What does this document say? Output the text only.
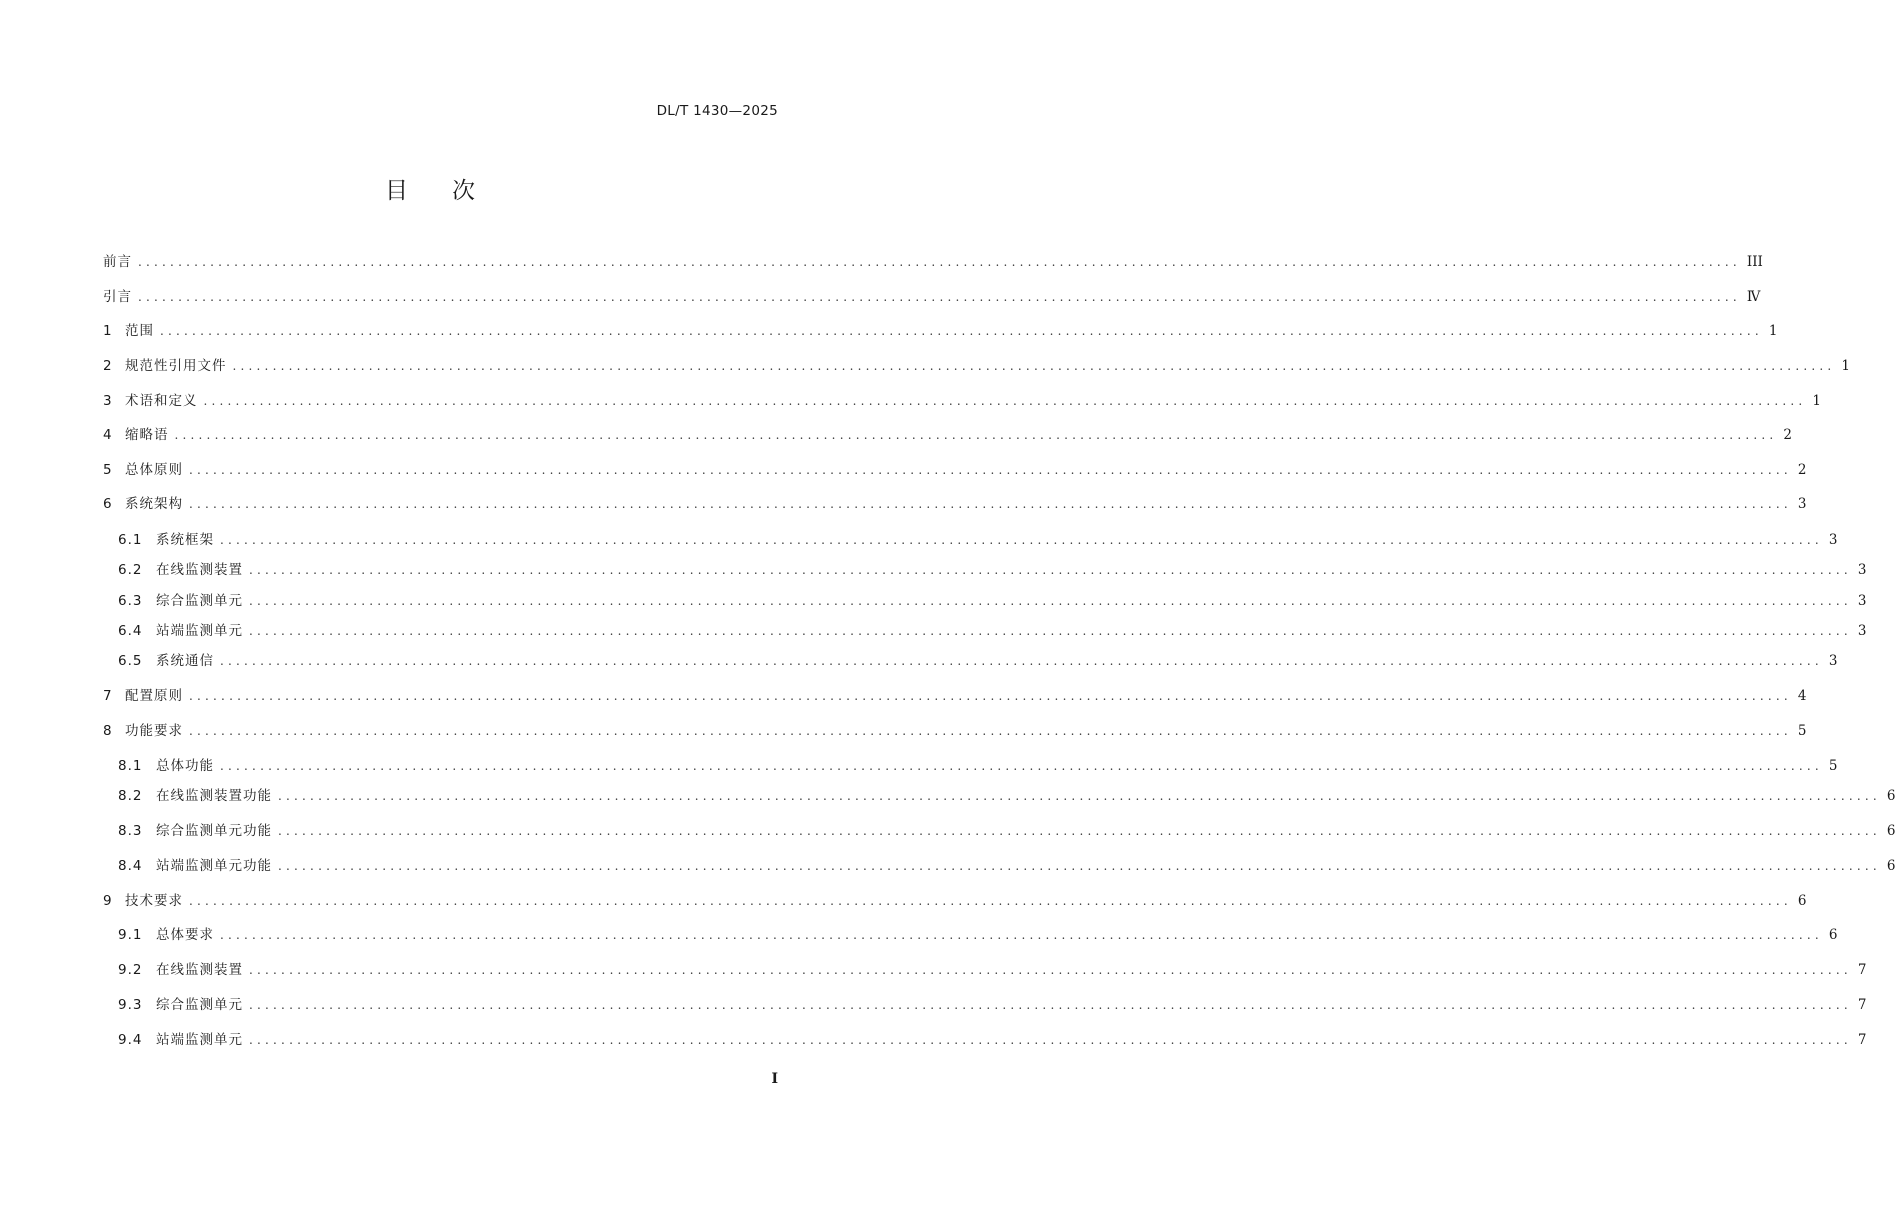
DL/T 1430—2025
目 次
前言 ........................................................................................................................................................................................................ III
引言 ........................................................................................................................................................................................................ Ⅳ
1 范围 ........................................................................................................................................................................................................ 1
2 规范性引用文件 ........................................................................................................................................................................................................ 1
3 术语和定义 ........................................................................................................................................................................................................ 1
4 缩略语 ........................................................................................................................................................................................................ 2
5 总体原则 ........................................................................................................................................................................................................ 2
6 系统架构 ........................................................................................................................................................................................................ 3
6.1	系统框架 ........................................................................................................................................................................................................ 3
6.2	在线监测装置 ........................................................................................................................................................................................................ 3
6.3	综合监测单元 ........................................................................................................................................................................................................ 3
6.4	站端监测单元 ........................................................................................................................................................................................................ 3
6.5	系统通信 ........................................................................................................................................................................................................ 3
7 配置原则 ........................................................................................................................................................................................................ 4
8 功能要求 ........................................................................................................................................................................................................ 5
8.1	总体功能 ........................................................................................................................................................................................................ 5
8.2	在线监测装置功能 ........................................................................................................................................................................................................ 6
8.3	综合监测单元功能 ........................................................................................................................................................................................................ 6
8.4	站端监测单元功能 ........................................................................................................................................................................................................ 6
9 技术要求 ........................................................................................................................................................................................................ 6
9.1	总体要求 ........................................................................................................................................................................................................ 6
9.2	在线监测装置 ........................................................................................................................................................................................................ 7
9.3	综合监测单元 ........................................................................................................................................................................................................ 7
9.4	站端监测单元 ........................................................................................................................................................................................................ 7
I
